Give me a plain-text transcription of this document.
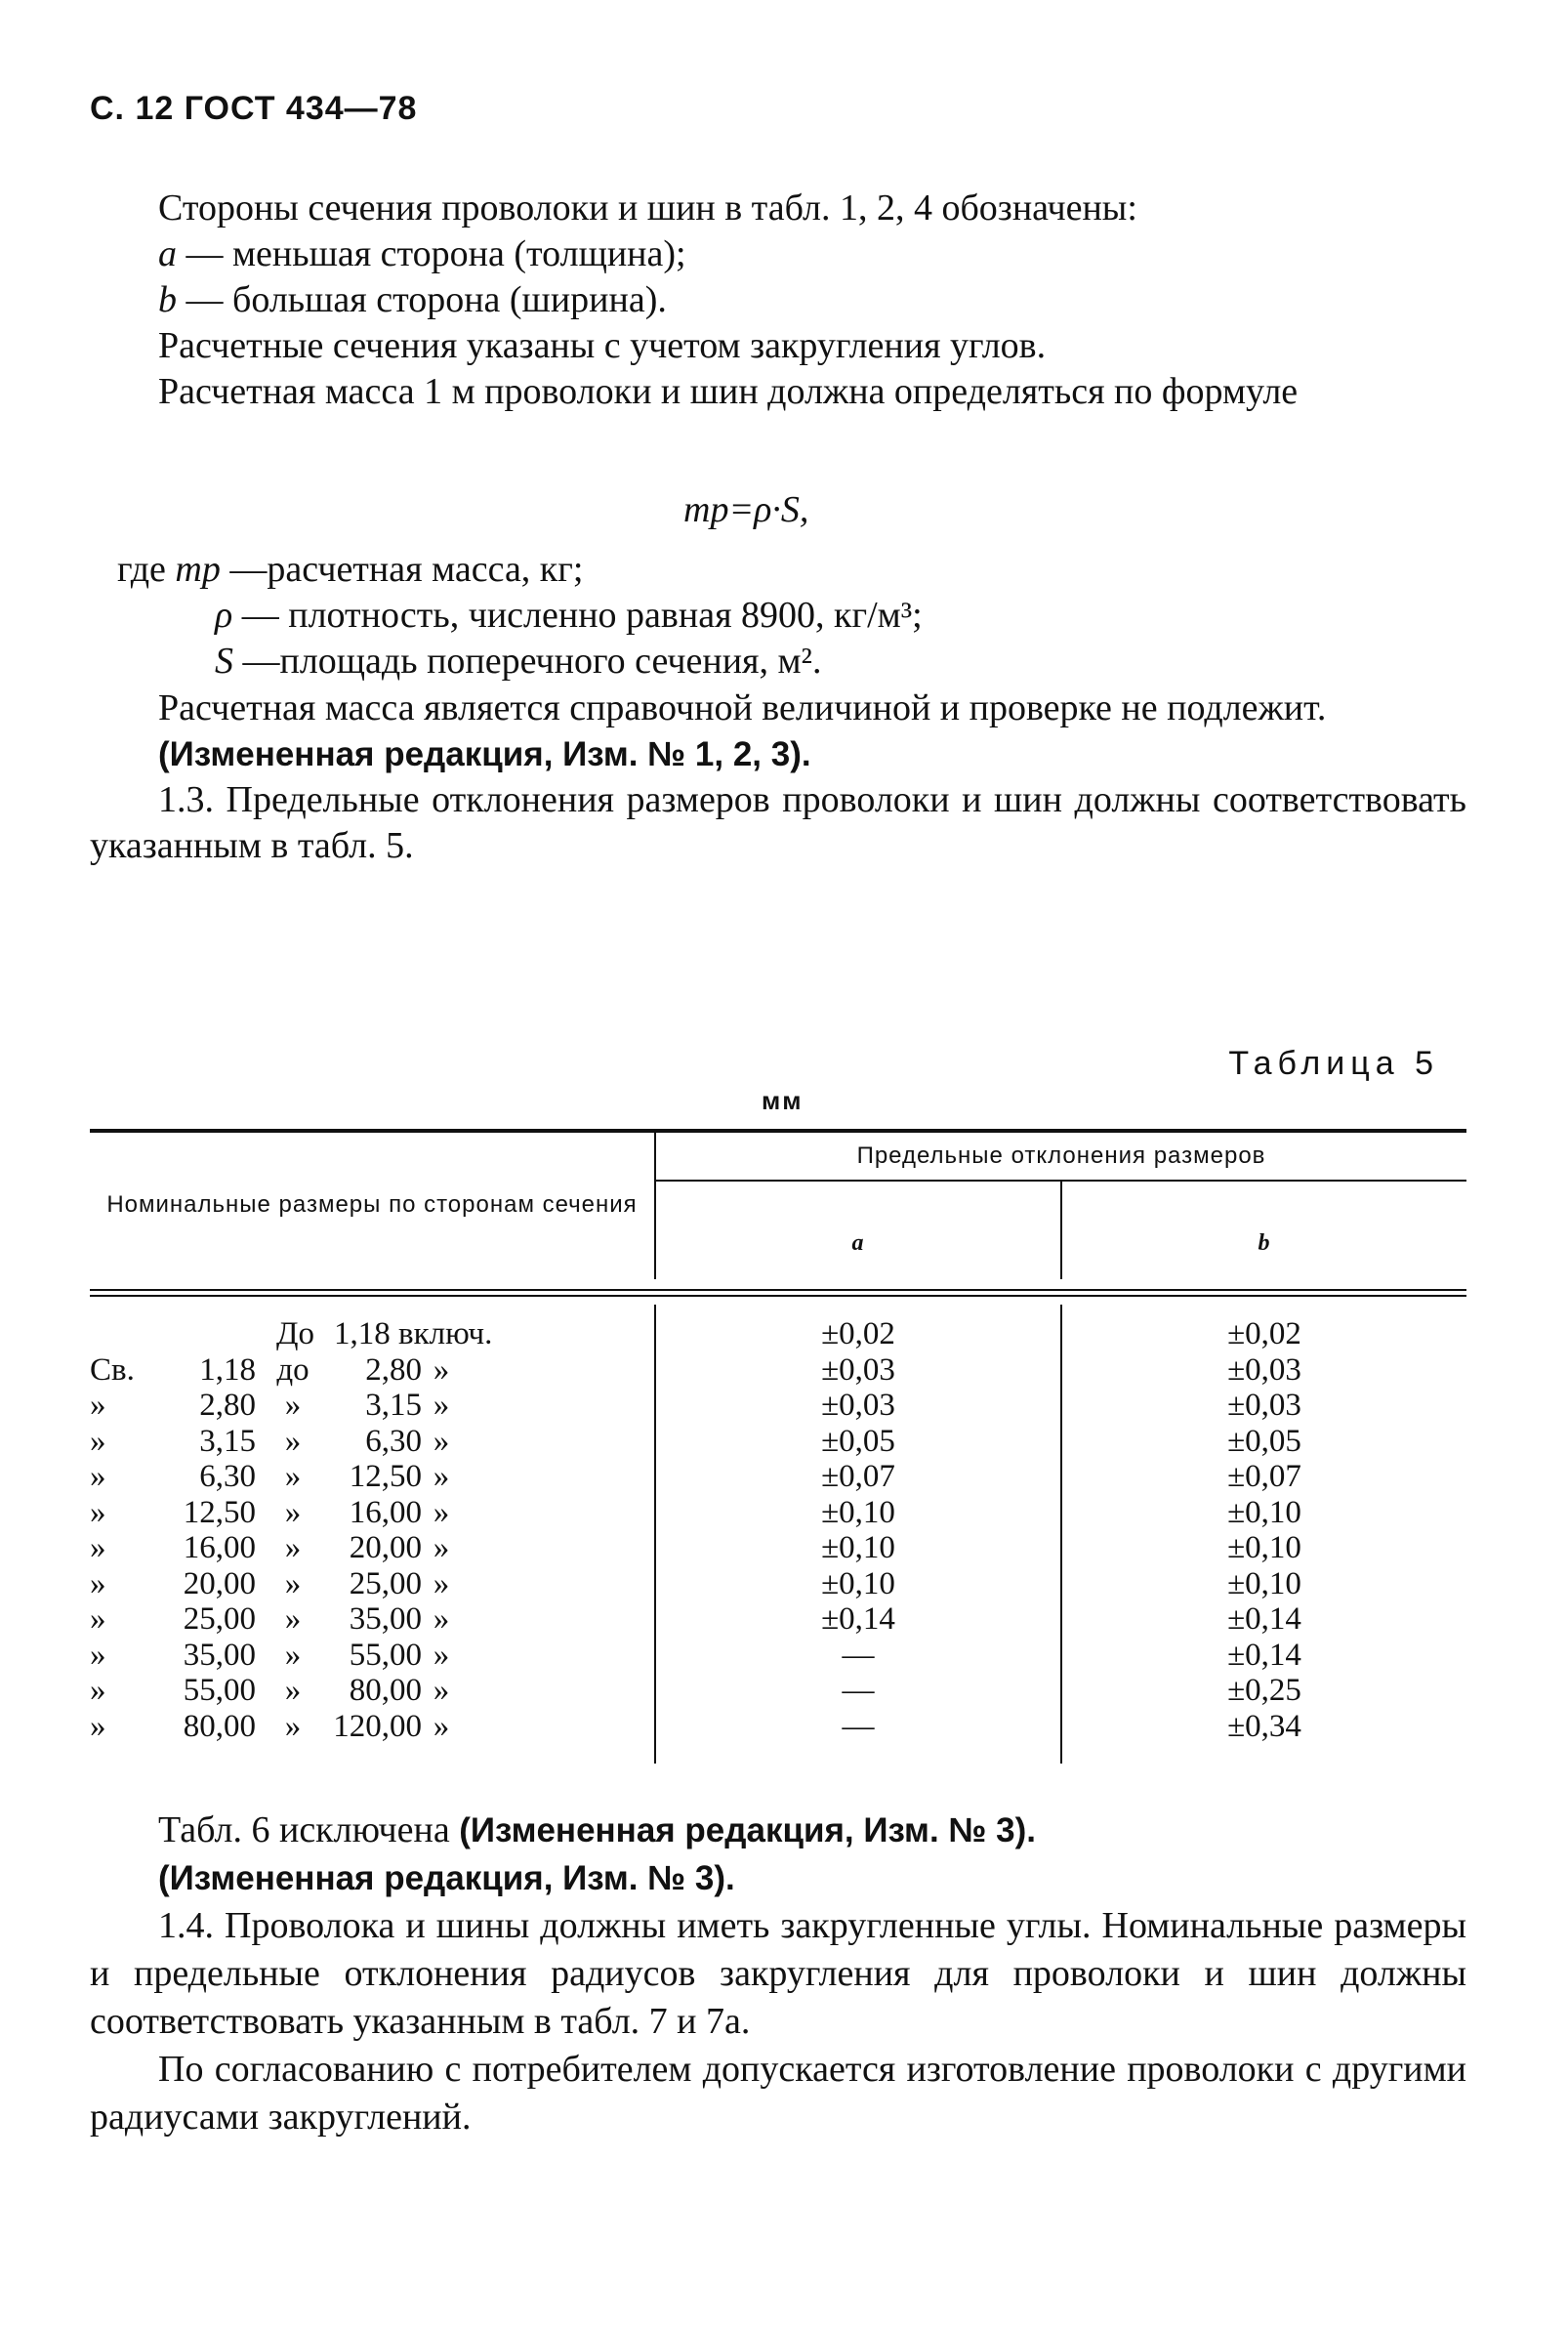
С. 12 ГОСТ 434—78

Стороны сечения проволоки и шин в табл. 1, 2, 4 обозначены:

a — меньшая сторона (толщина);

b — большая сторона (ширина).

Расчетные сечения указаны с учетом закругления углов.

Расчетная масса 1 м проволоки и шин должна определяться по формуле

mp=ρ·S,
где mp —расчетная масса, кг;
ρ — плотность, численно равная 8900, кг/м³;
S —площадь поперечного сечения, м².

Расчетная масса является справочной величиной и проверке не подлежит.

(Измененная редакция, Изм. № 1, 2, 3).

1.3. Предельные отклонения размеров проволоки и шин должны соответствовать указанным в табл. 5.

Таблица 5
мм
Номинальные размеры по сторонам сечения
Предельные отклонения размеров
a	b
До 1,18 включ.	±0,02	±0,02
Св.	1,18 до	2,80 »	±0,03	±0,03
»	2,80 »	3,15 »	±0,03	±0,03
»	3,15 »	6,30 »	±0,05	±0,05
»	6,30 »	12,50 »	±0,07	±0,07
»	12,50 »	16,00 »	±0,10	±0,10
»	16,00 »	20,00 »	±0,10	±0,10
»	20,00 »	25,00 »	±0,10	±0,10
»	25,00 »	35,00 »	±0,14	±0,14
»	35,00 »	55,00 »	—	±0,14
»	55,00 »	80,00 »	—	±0,25
»	80,00 »	120,00 »	—	±0,34

Табл. 6 исключена (Измененная редакция, Изм. № 3).

(Измененная редакция, Изм. № 3).

1.4. Проволока и шины должны иметь закругленные углы. Номинальные размеры и предельные отклонения радиусов закругления для проволоки и шин должны соответствовать указанным в табл. 7 и 7а.

По согласованию с потребителем допускается изготовление проволоки с другими радиусами закруглений.
